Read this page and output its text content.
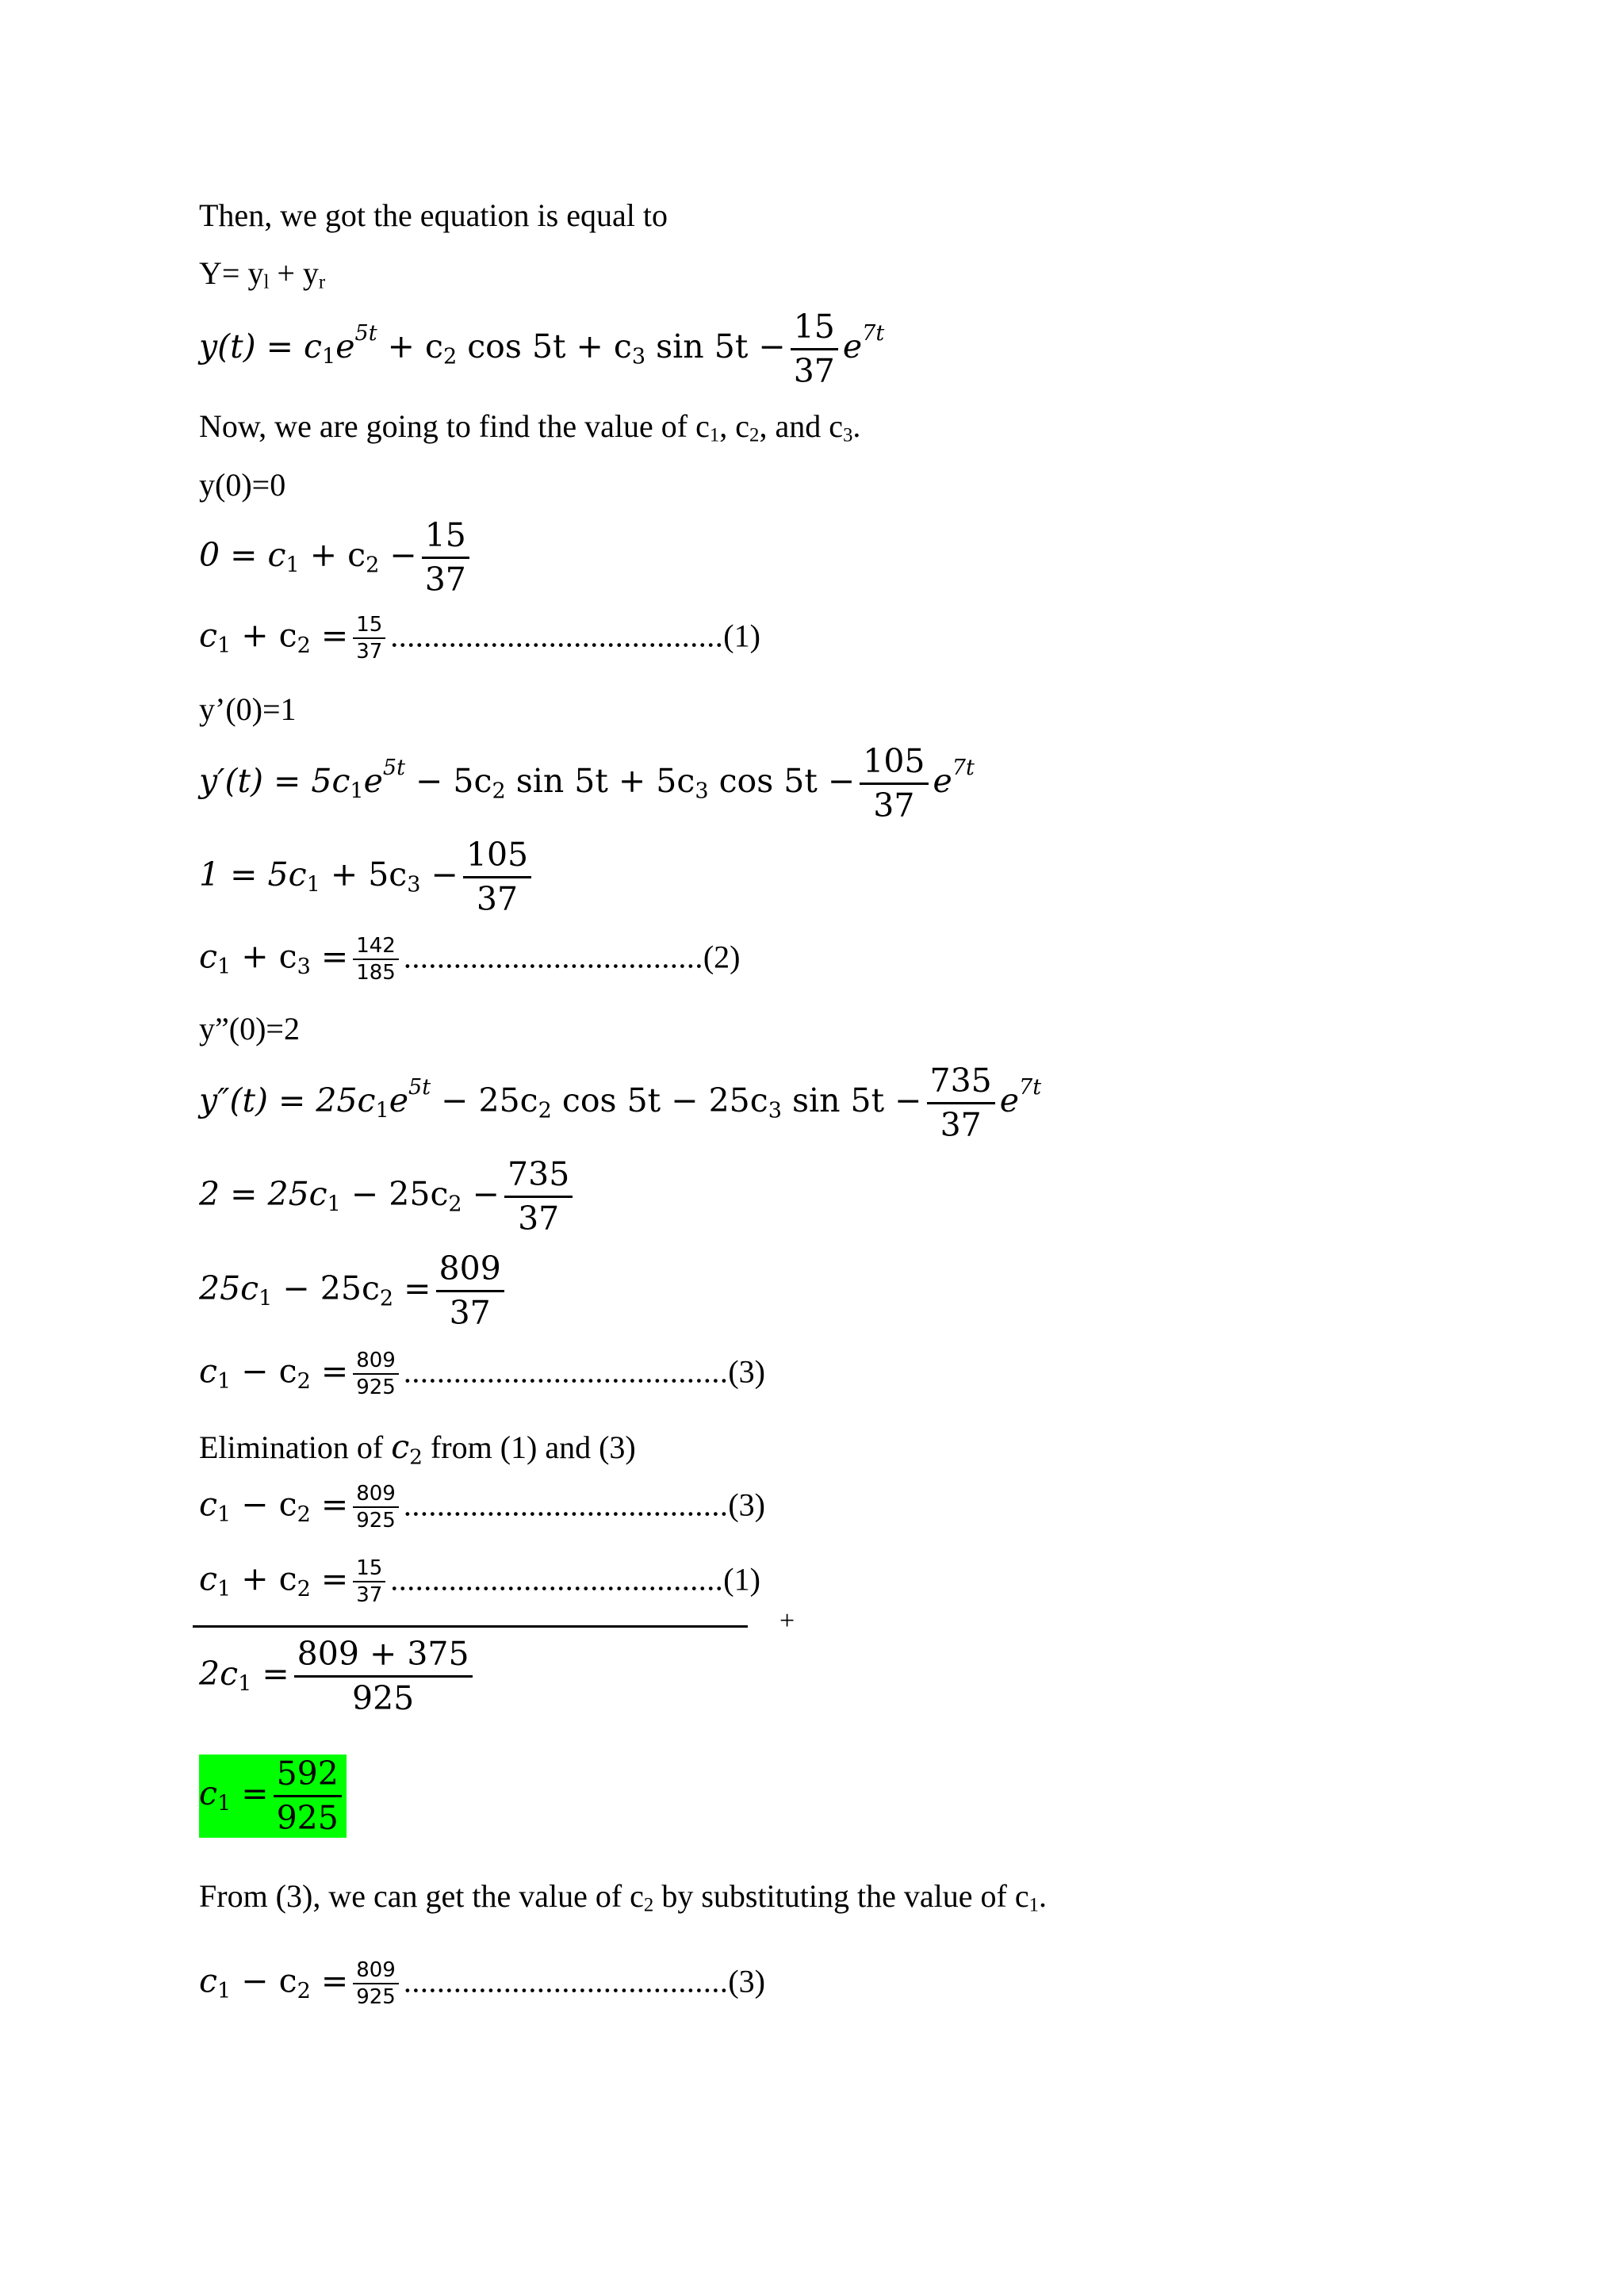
Then, we got the equation is equal to
Y= yl + yr
$y(t) = c_1e^{5t} + c_2$ $\cos 5t + c_3$ $\sin 5t - \frac{15}{37} e^{7t}$
Now, we are going to find the value of c1, c2, and c3.
y(0)=0
$0 = c_1 + c_2 - \frac{15}{37}$
$c_1 + c_2 = \frac{15}{37} ........................................(1)$
y’(0)=1
$y'(t) = 5c_1e^{5t} - 5c_2$ $\sin 5t + 5c_3$ $\cos 5t - \frac{105}{37} e^{7t}$
$1 = 5c_1 + 5c_3 - \frac{105}{37}$
$c_1 + c_3 = \frac{142}{185} ....................................(2)$
y”(0)=2
$y''(t) = 25c_1e^{5t} - 25c_2$ $\cos 5t - 25c_3$ $\sin 5t - \frac{735}{37} e^{7t}$
$2 = 25c_1 - 25c_2 - \frac{735}{37}$
$25c_1 - 25c_2 = \frac{809}{37}$
$c_1 - c_2 = \frac{809}{925} .......................................(3)$
Elimination of $c_2$ from (1) and (3)
$c_1 - c_2 = \frac{809}{925} .......................................(3)$
$c_1 + c_2 = \frac{15}{37} ........................................(1)$
+
$2c_1 = \frac{809 + 375}{925}$
$c_1 = \frac{592}{925}$
From (3), we can get the value of c2 by substituting the value of c1.
$c_1 - c_2 = \frac{809}{925} .......................................(3)$
